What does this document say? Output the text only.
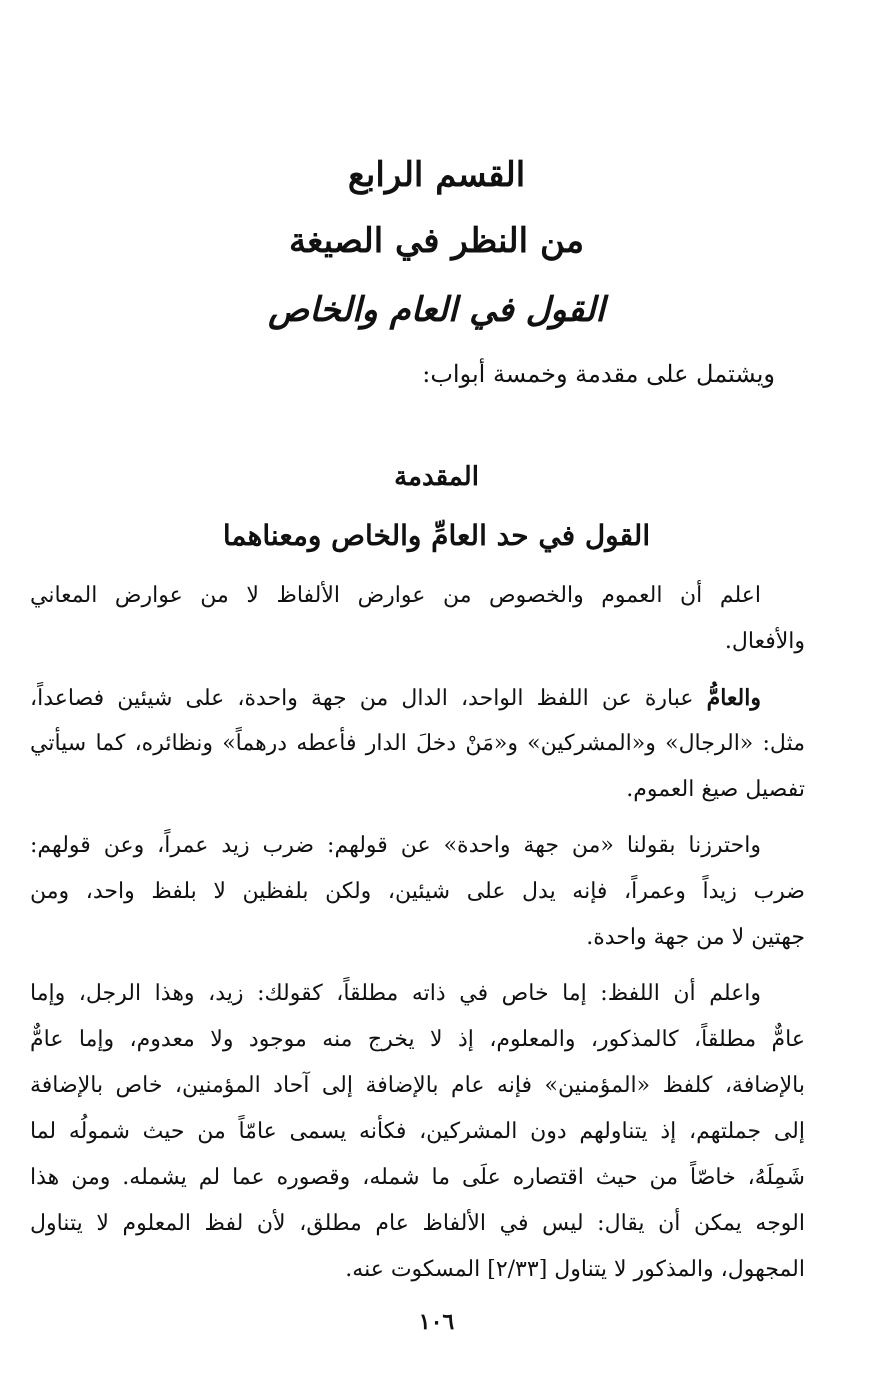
القسم الرابع
من النظر في الصيغة
القول في العام والخاص
ويشتمل على مقدمة وخمسة أبواب:
المقدمة
القول في حد العامِّ والخاص ومعناهما
اعلم أن العموم والخصوص من عوارض الألفاظ لا من عوارض المعاني
والأفعال.
والعامُّ عبارة عن اللفظ الواحد، الدال من جهة واحدة، على شيئين فصاعداً،
مثل: «الرجال» و«المشركين» و«مَنْ دخلَ الدار فأعطه درهماً» ونظائره، كما سيأتي
تفصيل صيغ العموم.
واحترزنا بقولنا «من جهة واحدة» عن قولهم: ضرب زيد عمراً، وعن قولهم:
ضرب زيداً وعمراً، فإنه يدل على شيئين، ولكن بلفظين لا بلفظ واحد، ومن
جهتين لا من جهة واحدة.
واعلم أن اللفظ: إما خاص في ذاته مطلقاً، كقولك: زيد، وهذا الرجل، وإما
عامٌّ مطلقاً، كالمذكور، والمعلوم، إذ لا يخرج منه موجود ولا معدوم، وإما عامٌّ
بالإضافة، كلفظ «المؤمنين» فإنه عام بالإضافة إلى آحاد المؤمنين، خاص بالإضافة
إلى جملتهم، إذ يتناولهم دون المشركين، فكأنه يسمى عامّاً من حيث شمولُه لما
شَمِلَهُ، خاصّاً من حيث اقتصاره علَى ما شمله، وقصوره عما لم يشمله. ومن هذا
الوجه يمكن أن يقال: ليس في الألفاظ عام مطلق، لأن لفظ المعلوم لا يتناول
المجهول، والمذكور لا يتناول [٢/٣٣] المسكوت عنه.
١٠٦
